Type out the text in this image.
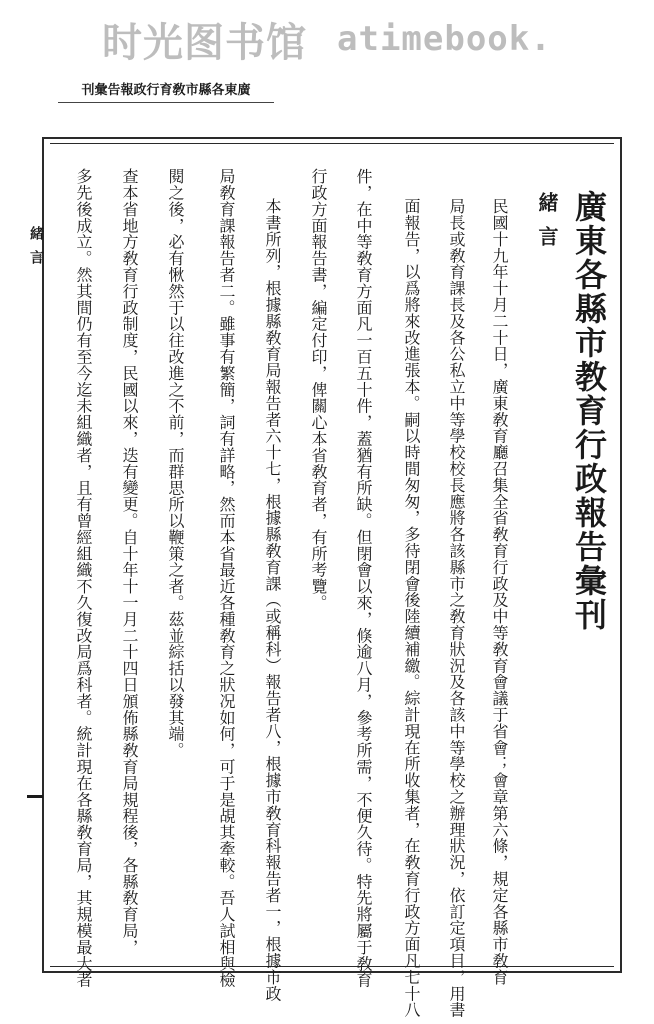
时光图书馆 atimebook.
刊彙告報政行育敎市縣各東廣
廣東各縣市教育行政報告彙刊
緒言
民國十九年十月二十日，廣東敎育廳召集全省敎育行政及中等敎育會議于省會；會章第六條，規定各縣市敎育
局長或敎育課長及各公私立中等學校校長應將各該縣市之敎育狀況及各該中等學校之辦理狀況，依訂定項目，用書
面報告，以爲將來改進張本。嗣以時間匆匆，多待閉會後陸續補繳。綜計現在所收集者，在敎育行政方面凡七十八
件，在中等敎育方面凡一百五十件，蓋猶有所缺。但閉會以來，倏逾八月，參考所需，不便久待。特先將屬于敎育
行政方面報告書，編定付印，俾關心本省敎育者，有所考覽。
本書所列，根據縣敎育局報告者六十七，根據縣敎育課（或稱科）報告者八，根據市敎育科報告者一，根據市政
局敎育課報告者二。雖事有繁簡，詞有詳略，然而本省最近各種敎育之狀况如何，可于是覘其牽較。吾人試相與檢
閱之後，必有愀然于以往改進之不前，而群思所以鞭策之者。茲並綜括以發其端。
查本省地方敎育行政制度，民國以來，迭有變更。自十年十一月二十四日頒佈縣敎育局規程後，各縣敎育局，
多先後成立。然其間仍有至今迄未組織者，且有曾經組織不久復改局爲科者。統計現在各縣敎育局，其規模最大者
緒言
